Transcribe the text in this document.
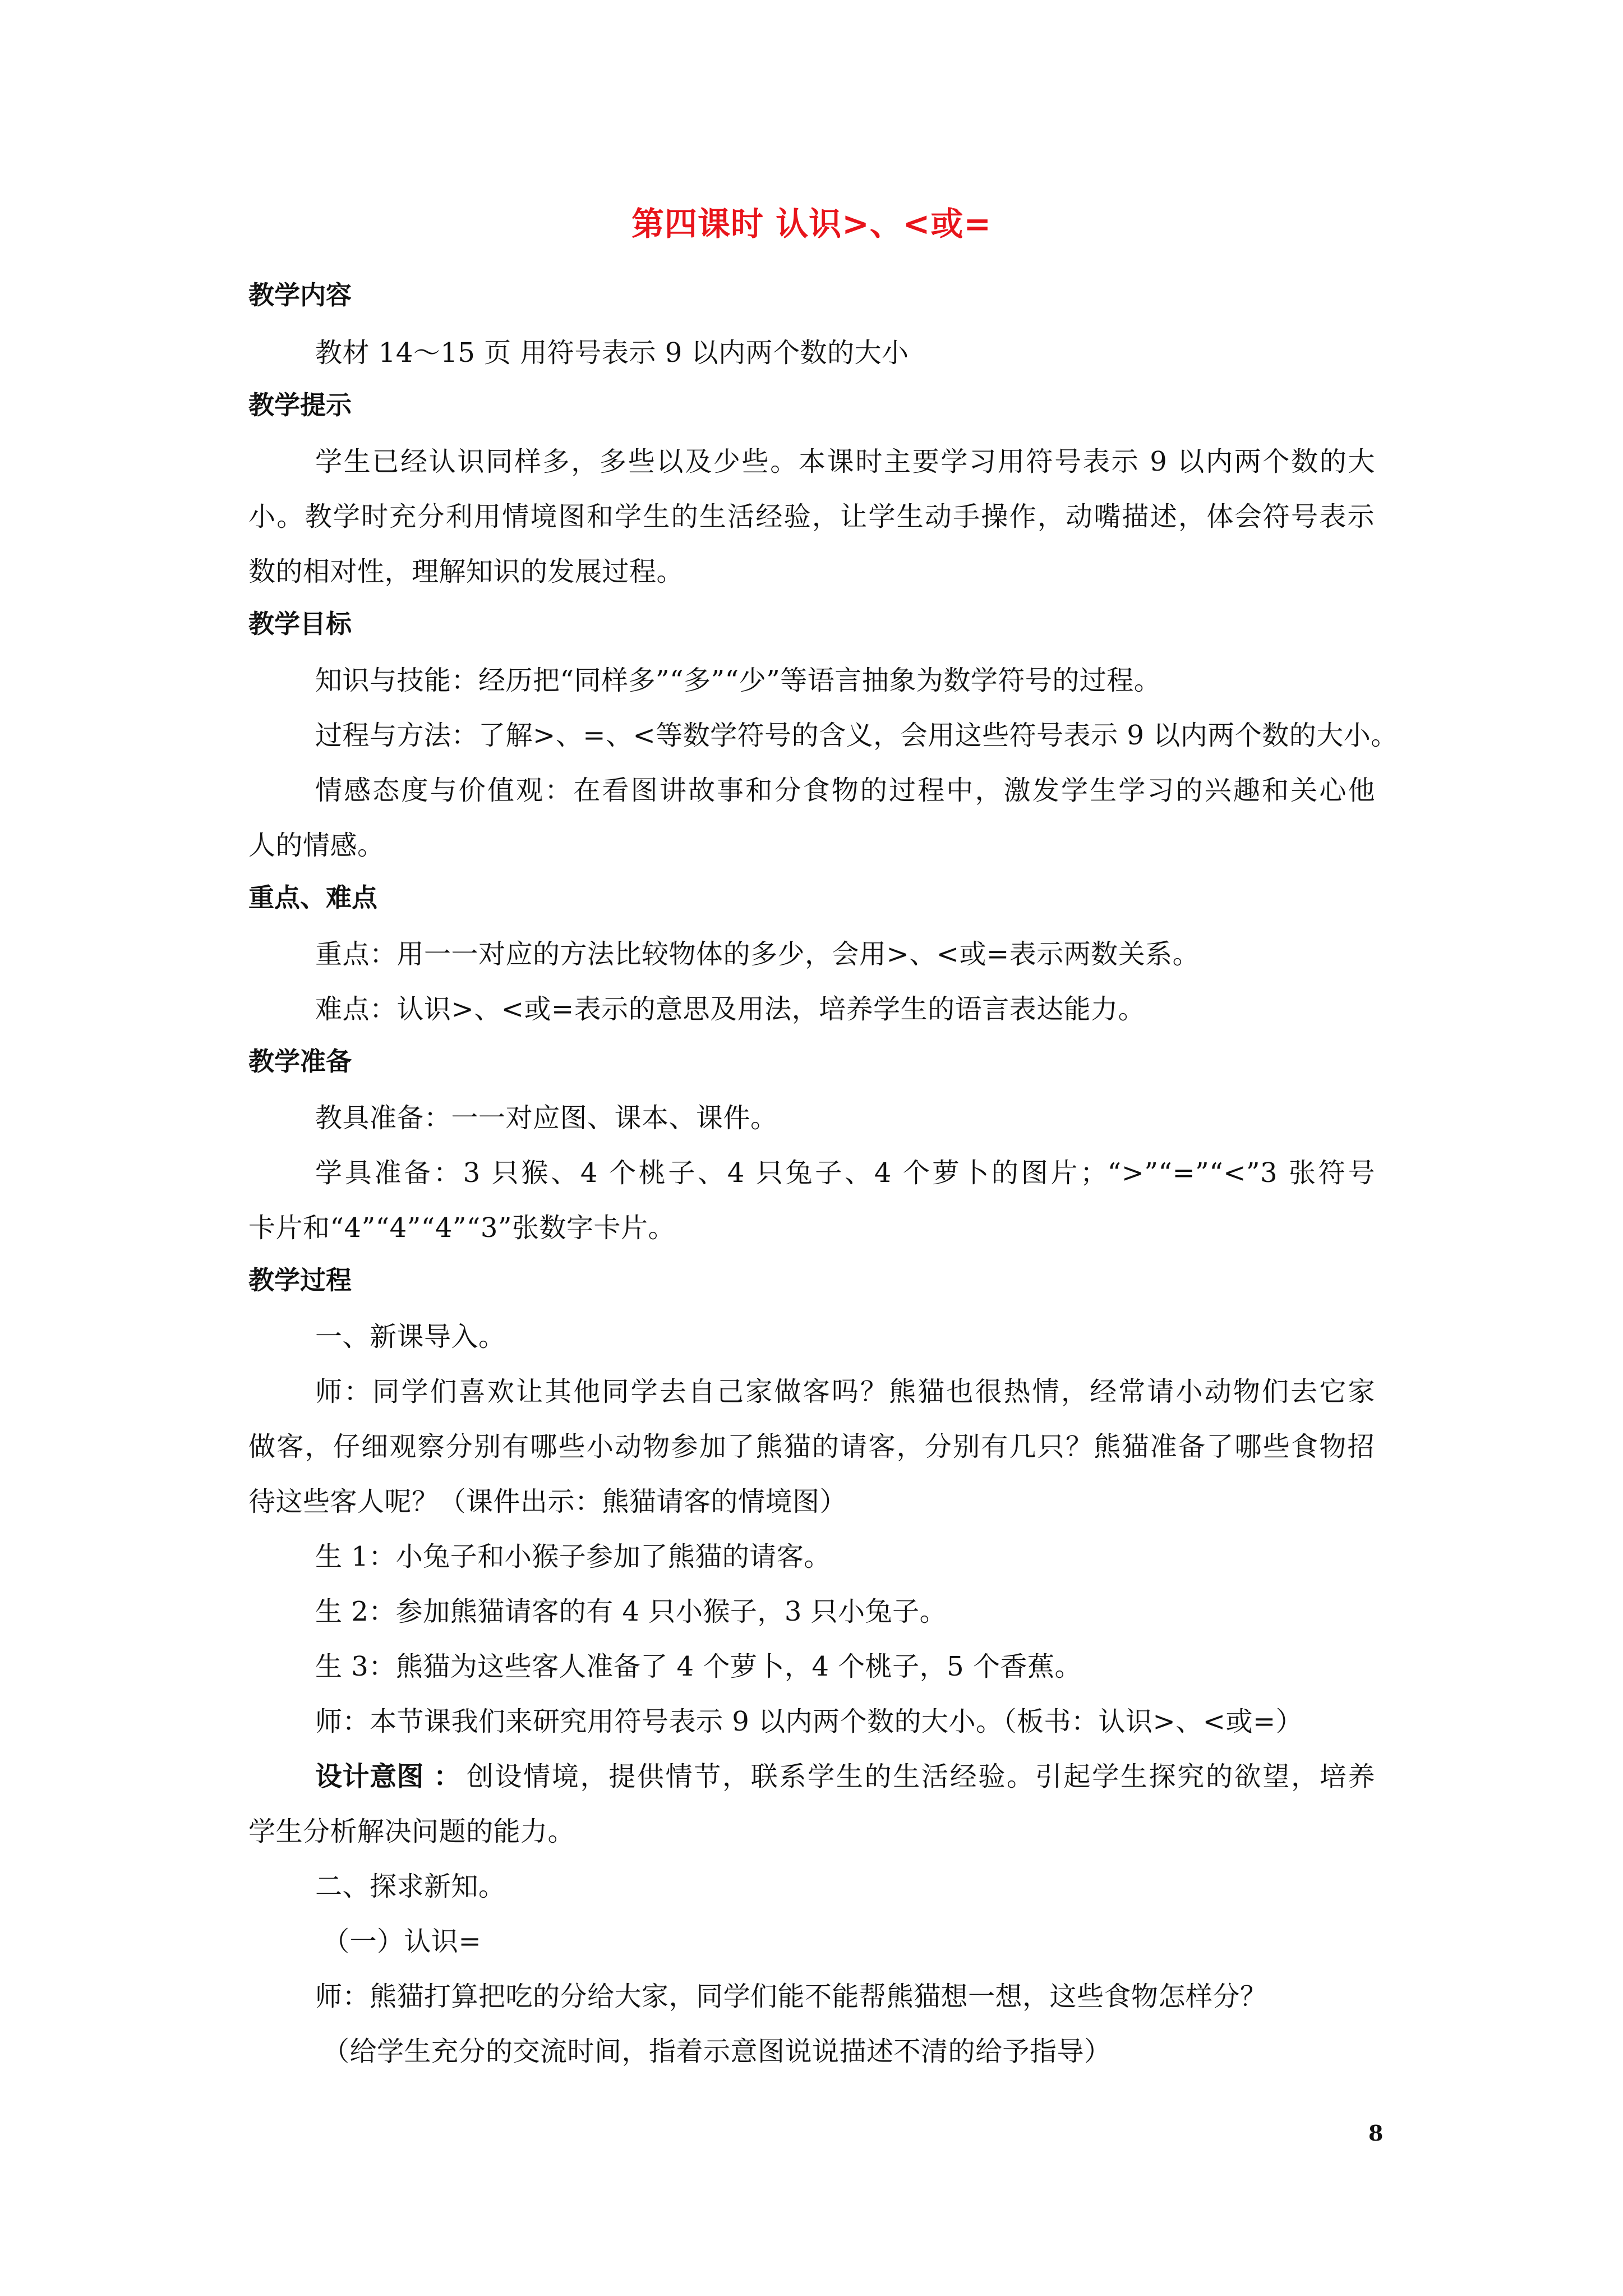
第四课时 认识>、<或=
教学内容
教材 14～15 页 用符号表示 9 以内两个数的大小
教学提示
学生已经认识同样多，多些以及少些。本课时主要学习用符号表示 9 以内两个数的大
小。教学时充分利用情境图和学生的生活经验，让学生动手操作，动嘴描述，体会符号表示
数的相对性，理解知识的发展过程。
教学目标
知识与技能：经历把“同样多”“多”“少”等语言抽象为数学符号的过程。
过程与方法：了解>、=、<等数学符号的含义，会用这些符号表示 9 以内两个数的大小。
情感态度与价值观：在看图讲故事和分食物的过程中，激发学生学习的兴趣和关心他
人的情感。
重点、难点
重点：用一一对应的方法比较物体的多少，会用>、<或=表示两数关系。
难点：认识>、<或=表示的意思及用法，培养学生的语言表达能力。
教学准备
教具准备：一一对应图、课本、课件。
学具准备：3 只猴、4 个桃子、4 只兔子、4 个萝卜的图片；“>”“=”“<”3 张符号
卡片和“4”“4”“4”“3”张数字卡片。
教学过程
一、新课导入。
师：同学们喜欢让其他同学去自己家做客吗？熊猫也很热情，经常请小动物们去它家
做客，仔细观察分别有哪些小动物参加了熊猫的请客，分别有几只？熊猫准备了哪些食物招
待这些客人呢？（课件出示：熊猫请客的情境图）
生 1：小兔子和小猴子参加了熊猫的请客。
生 2：参加熊猫请客的有 4 只小猴子，3 只小兔子。
生 3：熊猫为这些客人准备了 4 个萝卜，4 个桃子，5 个香蕉。
师：本节课我们来研究用符号表示 9 以内两个数的大小。（板书：认识>、<或=）
设计意图 ： 创设情境，提供情节，联系学生的生活经验。引起学生探究的欲望，培养
学生分析解决问题的能力。
二、探求新知。
（一）认识=
师：熊猫打算把吃的分给大家，同学们能不能帮熊猫想一想，这些食物怎样分？
（给学生充分的交流时间，指着示意图说说描述不清的给予指导）
8
